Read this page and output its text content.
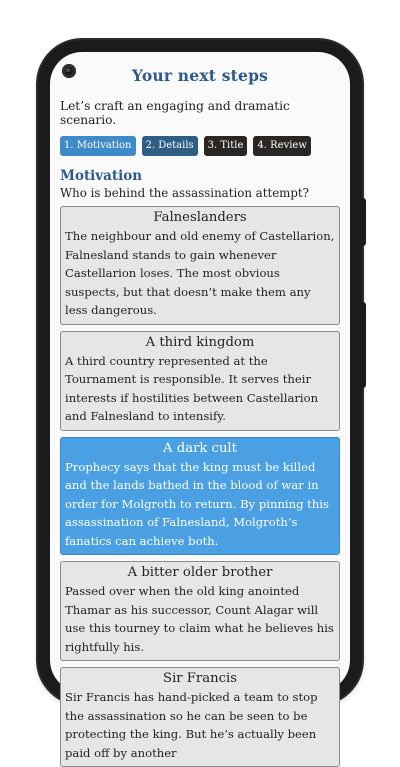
Your next steps

Let’s craft an engaging and dramatic scenario.

1. Motivation	2. Details	3. Title	4. Review
Motivation

Who is behind the assassination attempt?

Falneslanders
The neighbour and old enemy of Castellarion, Falnesland stands to gain whenever Castellarion loses. The most obvious suspects, but that doesn’t make them any less dangerous.
A third kingdom
A third country represented at the Tournament is responsible. It serves their interests if hostilities between Castellarion and Falnesland to intensify.
A dark cult
Prophecy says that the king must be killed and the lands bathed in the blood of war in order for Molgroth to return. By pinning this assassination of Falnesland, Molgroth’s fanatics can achieve both.
A bitter older brother
Passed over when the old king anointed Thamar as his successor, Count Alagar will use this tourney to claim what he believes his rightfully his.
Sir Francis
Sir Francis has hand-picked a team to stop the assassination so he can be seen to be protecting the king. But he’s actually been paid off by another
